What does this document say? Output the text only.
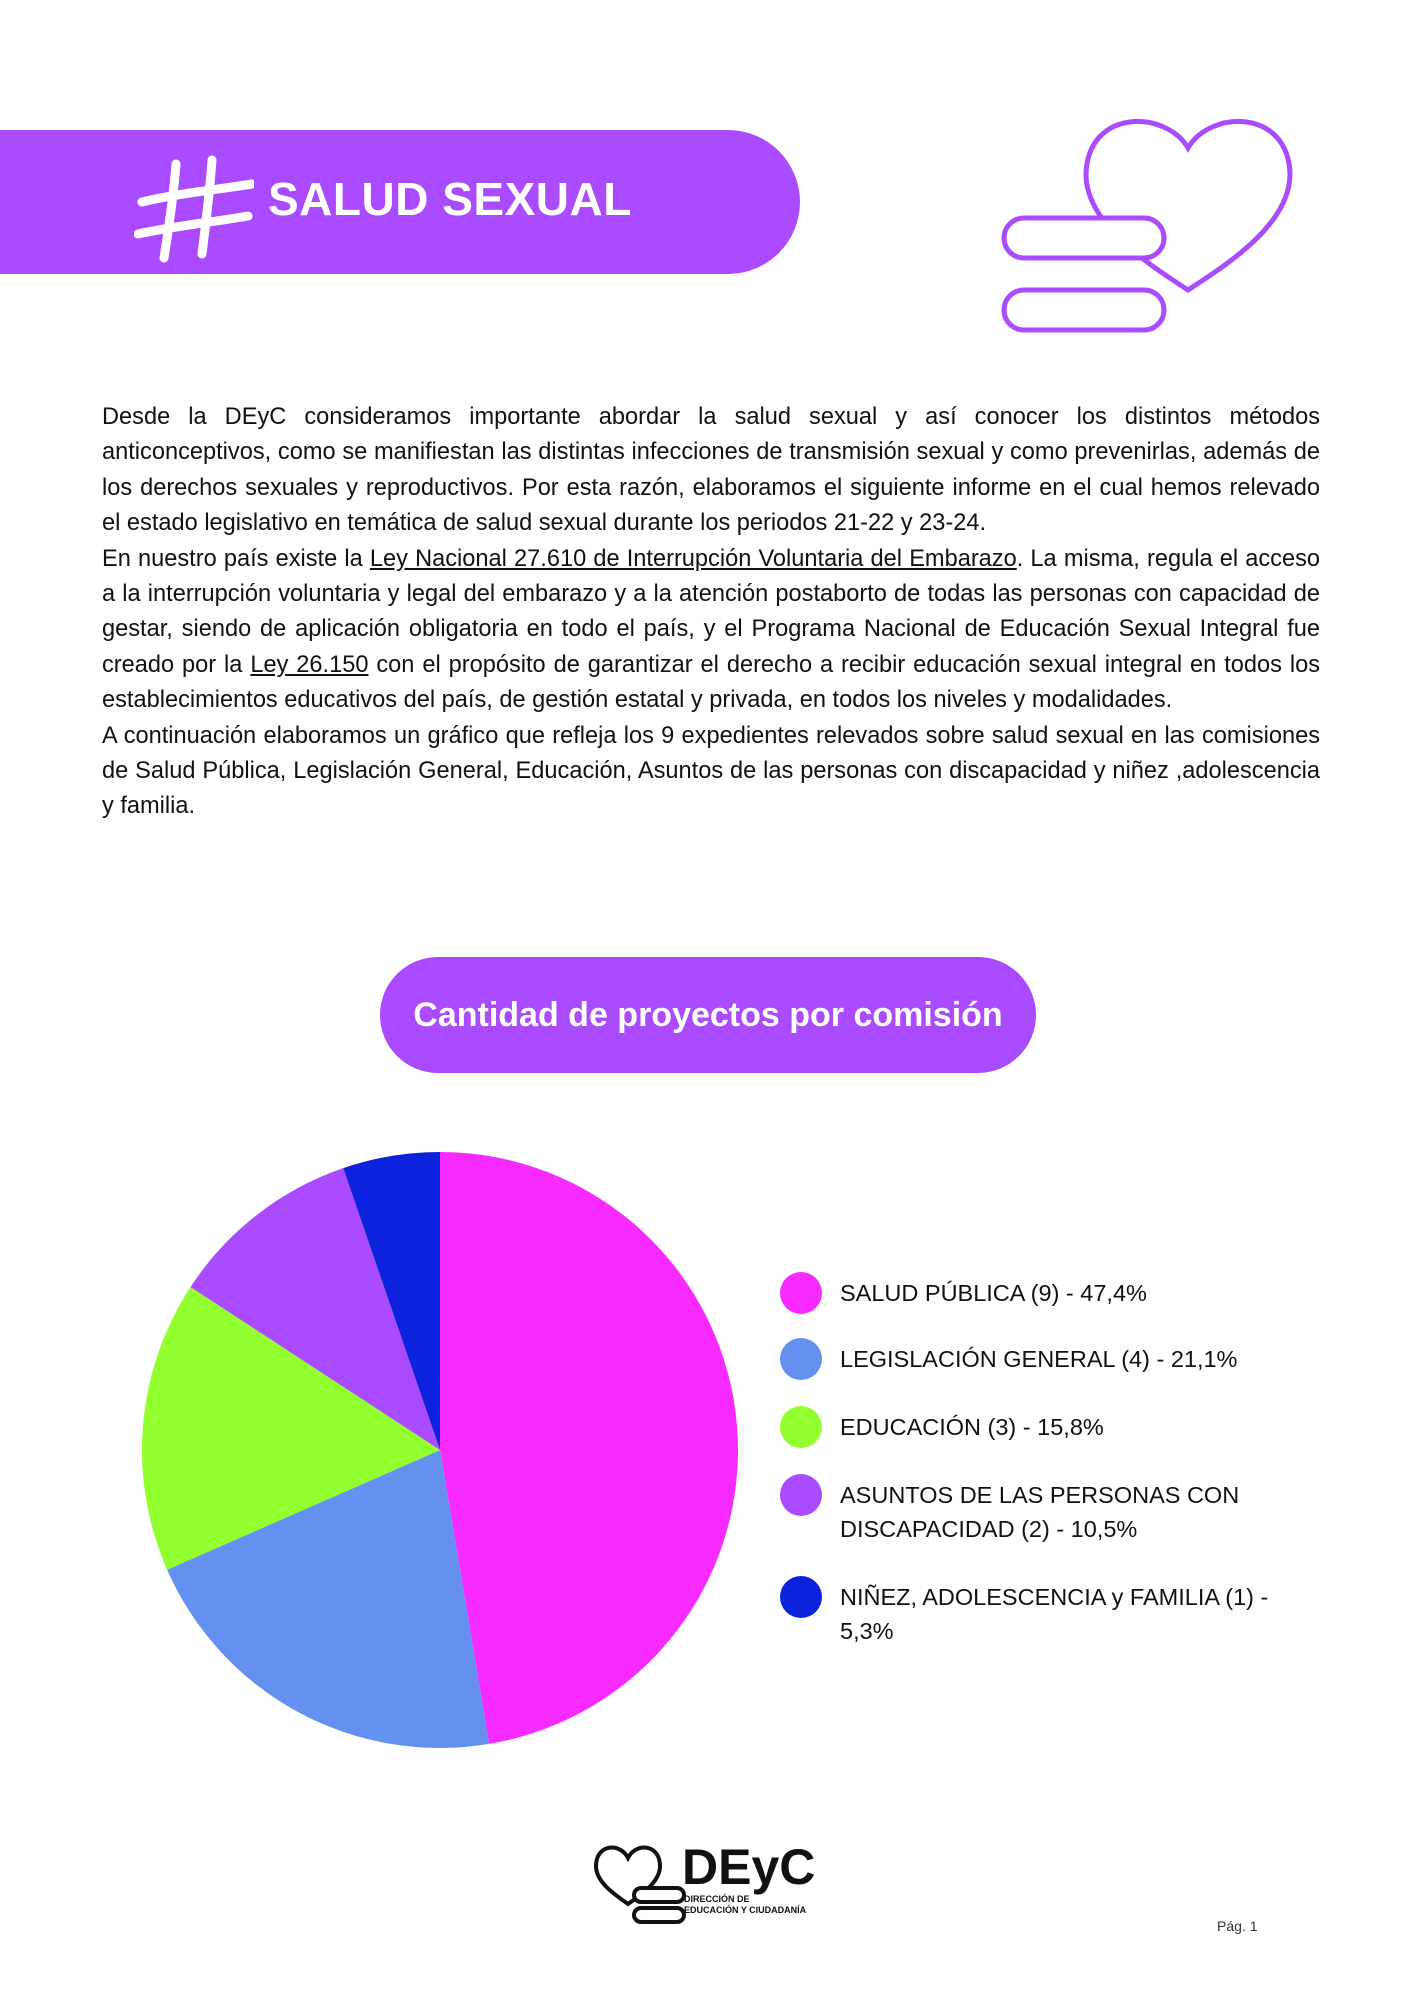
SALUD SEXUAL

Desde la DEyC consideramos importante abordar la salud sexual y así conocer los distintos métodos anticonceptivos, como se manifiestan las distintas infecciones de transmisión sexual y como prevenirlas, además de los derechos sexuales y reproductivos. Por esta razón, elaboramos el siguiente informe en el cual hemos relevado el estado legislativo en temática de salud sexual durante los periodos 21-22 y 23-24.

En nuestro país existe la Ley Nacional 27.610 de Interrupción Voluntaria del Embarazo. La misma, regula el acceso a la interrupción voluntaria y legal del embarazo y a la atención postaborto de todas las personas con capacidad de gestar, siendo de aplicación obligatoria en todo el país, y el Programa Nacional de Educación Sexual Integral fue creado por la Ley 26.150 con el propósito de garantizar el derecho a recibir educación sexual integral en todos los establecimientos educativos del país, de gestión estatal y privada, en todos los niveles y modalidades.

A continuación elaboramos un gráfico que refleja los 9 expedientes relevados sobre salud sexual en las comisiones de Salud Pública, Legislación General, Educación, Asuntos de las personas con discapacidad y niñez ,adolescencia y familia.

Cantidad de proyectos por comisión
SALUD PÚBLICA (9) - 47,4%
LEGISLACIÓN GENERAL (4) - 21,1%
EDUCACIÓN (3) - 15,8%
ASUNTOS DE LAS PERSONAS CON DISCAPACIDAD (2) - 10,5%
NIÑEZ, ADOLESCENCIA y FAMILIA (1) - 5,3%
DEyC
DIRECCIÓN DE
EDUCACIÓN Y CIUDADANÍA
Pág. 1
